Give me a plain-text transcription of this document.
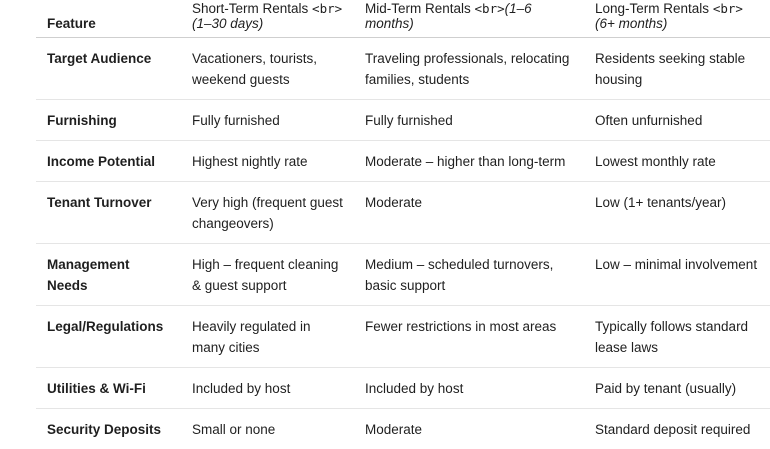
Feature	Short-Term Rentals <br>(1–30 days)	Mid-Term Rentals <br>(1–6 months)	Long-Term Rentals <br>(6+ months)

Target Audience	Vacationers, tourists, weekend guests	Traveling professionals, relocating families, students	Residents seeking stable housing
Furnishing	Fully furnished	Fully furnished	Often unfurnished
Income Potential	Highest nightly rate	Moderate – higher than long-term	Lowest monthly rate
Tenant Turnover	Very high (frequent guest changeovers)	Moderate	Low (1+ tenants/year)
Management Needs	High – frequent cleaning & guest support	Medium – scheduled turnovers, basic support	Low – minimal involvement
Legal/Regulations	Heavily regulated in many cities	Fewer restrictions in most areas	Typically follows standard lease laws
Utilities & Wi-Fi	Included by host	Included by host	Paid by tenant (usually)
Security Deposits	Small or none	Moderate	Standard deposit required
